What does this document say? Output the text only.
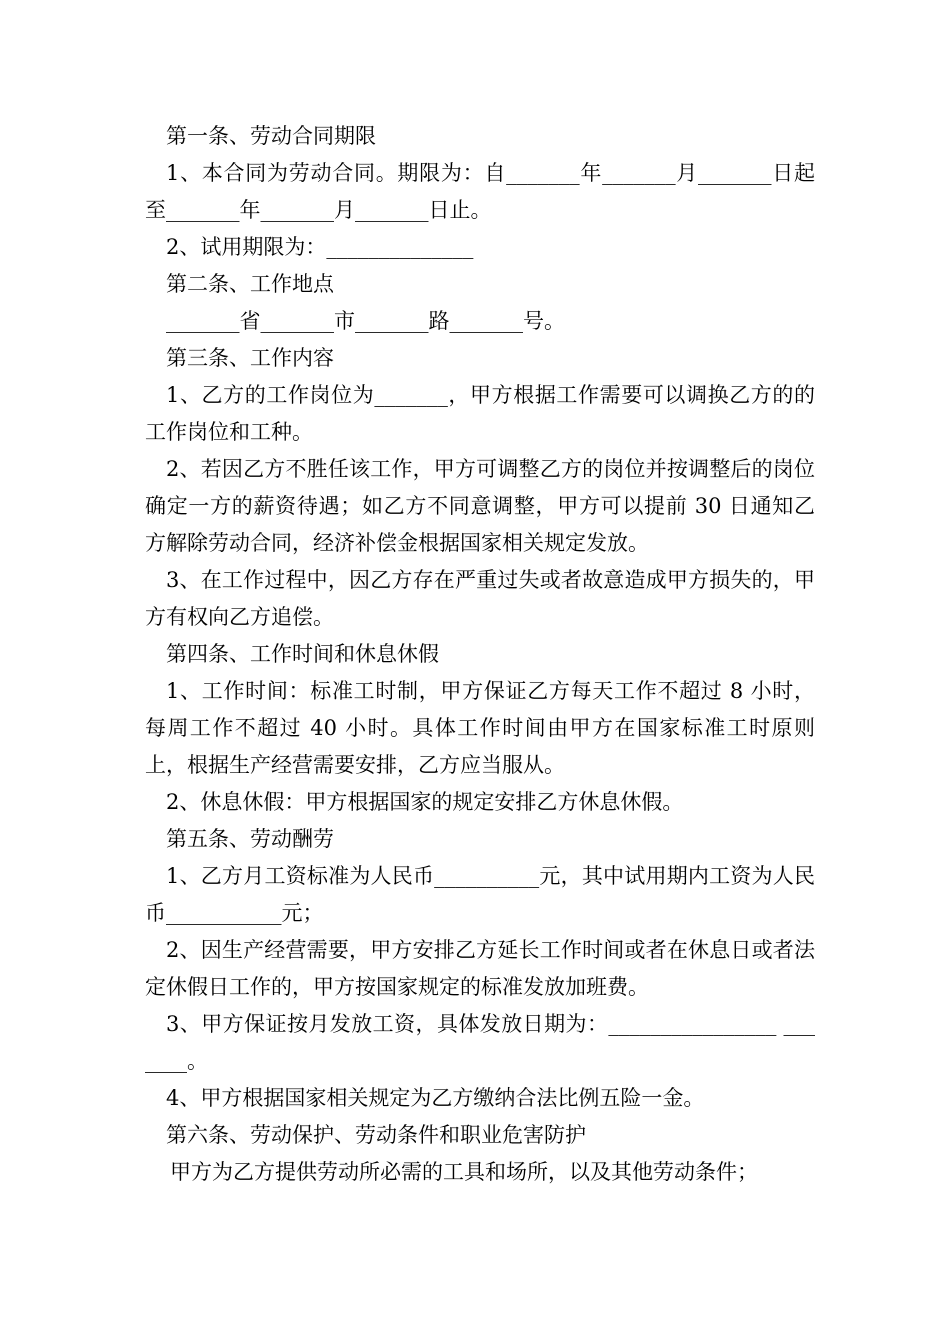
第一条、劳动合同期限

1、本合同为劳动合同。期限为：自_______年_______月_______日起至_______年_______月_______日止。

2、试用期限为：______________

第二条、工作地点

_______省_______市_______路_______号。

第三条、工作内容

1、乙方的工作岗位为_______，甲方根据工作需要可以调换乙方的的工作岗位和工种。

2、若因乙方不胜任该工作，甲方可调整乙方的岗位并按调整后的岗位确定一方的薪资待遇；如乙方不同意调整，甲方可以提前 30 日通知乙方解除劳动合同，经济补偿金根据国家相关规定发放。

3、在工作过程中，因乙方存在严重过失或者故意造成甲方损失的，甲方有权向乙方追偿。

第四条、工作时间和休息休假

1、工作时间：标准工时制，甲方保证乙方每天工作不超过 8 小时，每周工作不超过 40 小时。具体工作时间由甲方在国家标准工时原则上，根据生产经营需要安排，乙方应当服从。

2、休息休假：甲方根据国家的规定安排乙方休息休假。

第五条、劳动酬劳

1、乙方月工资标准为人民币__________元，其中试用期内工资为人民币___________元；

2、因生产经营需要，甲方安排乙方延长工作时间或者在休息日或者法定休假日工作的，甲方按国家规定的标准发放加班费。

3、甲方保证按月发放工资，具体发放日期为：________________ _______。

4、甲方根据国家相关规定为乙方缴纳合法比例五险一金。

第六条、劳动保护、劳动条件和职业危害防护

甲方为乙方提供劳动所必需的工具和场所，以及其他劳动条件；
